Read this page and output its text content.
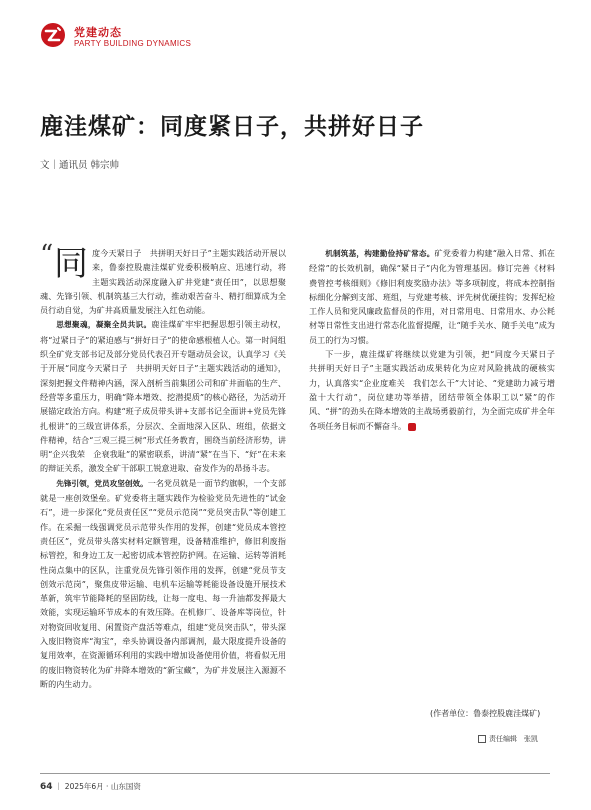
党建动态
PARTY BUILDING DYNAMICS
鹿洼煤矿：同度紧日子，共拼好日子
文｜通讯员 韩宗帅
“ 同 度今天紧日子　共拼明天好日子”主题实践活动开展以来，鲁泰控股鹿洼煤矿党委积极响应、迅速行动，将主题实践活动深度融入矿井党建“责任田”，以思想聚魂、先锋引领、机制筑基三大行动，推动艰苦奋斗、精打细算成为全员行动自觉，为矿井高质量发展注入红色动能。

思想聚魂，凝聚全员共识。鹿洼煤矿牢牢把握思想引领主动权，将“过紧日子”的紧迫感与“拼好日子”的使命感根植人心。第一时间组织全矿党支部书记及部分党员代表召开专题动员会议，认真学习《关于开展“同度今天紧日子　共拼明天好日子”主题实践活动的通知》，深刻把握文件精神内涵，深入剖析当前集团公司和矿井面临的生产、经营等多重压力，明确“降本增效、挖潜提质”的核心路径，为活动开展锚定政治方向。构建“班子成员带头讲+支部书记全面讲+党员先锋扎根讲”的三级宣讲体系，分层次、全面地深入区队、班组，依据文件精神，结合“三观三提三树”形式任务教育，围绕当前经济形势，讲明“企兴我荣　企衰我耻”的紧密联系，讲清“紧”在当下、“好”在未来的辩证关系，激发全矿干部职工锐意进取、奋发作为的昂扬斗志。

先锋引领，党员攻坚创效。一名党员就是一面节约旗帜，一个支部就是一座创效堡垒。矿党委将主题实践作为检验党员先进性的“试金石”，进一步深化“党员责任区”“党员示范岗”“党员突击队”等创建工作。在采掘一线强调党员示范带头作用的发挥，创建“党员成本管控责任区”，党员带头落实材料定额管理，设备精准维护，修旧利废指标管控，和身边工友一起密切成本管控防护网。在运输、运转等消耗性岗点集中的区队，注重党员先锋引领作用的发挥，创建“党员节支创效示范岗”，聚焦皮带运输、电机车运输等耗能设备设施开展技术革新，筑牢节能降耗的坚固防线，让每一度电、每一升油都发挥最大效能，实现运输环节成本的有效压降。在机修厂、设备库等岗位，针对物资回收复用、闲置资产盘活等难点，组建“党员突击队”，带头深入废旧物资库“淘宝”，牵头协调设备内部调剂，最大限度提升设备的复用效率，在资源循环利用的实践中增加设备使用价值，将看似无用的废旧物资转化为矿井降本增效的“新宝藏”，为矿井发展注入源源不断的内生动力。

机制筑基，构建勤俭持矿常态。矿党委着力构建“融入日常、抓在经常”的长效机制，确保“紧日子”内化为管理基因。修订完善《材料费管控考核细则》《修旧利废奖励办法》等多项制度，将成本控制指标细化分解到支部、班组，与党建考核、评先树优硬挂钩；发挥纪检工作人员和党风廉政监督员的作用，对日常用电、日常用水、办公耗材等日常性支出进行常态化监督提醒，让“随手关水、随手关电”成为员工的行为习惯。

下一步，鹿洼煤矿将继续以党建为引领，把“同度今天紧日子　共拼明天好日子”主题实践活动成果转化为应对风险挑战的硬核实力，认真落实“企业度难关　我们怎么干”大讨论、“党建助力减亏增盈十大行动”，岗位建功等举措，团结带领全体职工以“紧”的作风、“拼”的劲头在降本增效的主战场勇毅前行，为全面完成矿井全年各项任务目标而不懈奋斗。

(作者单位：鲁泰控股鹿洼煤矿)
责任编辑　张凯
64 ｜ 2025年6月 · 山东国资
